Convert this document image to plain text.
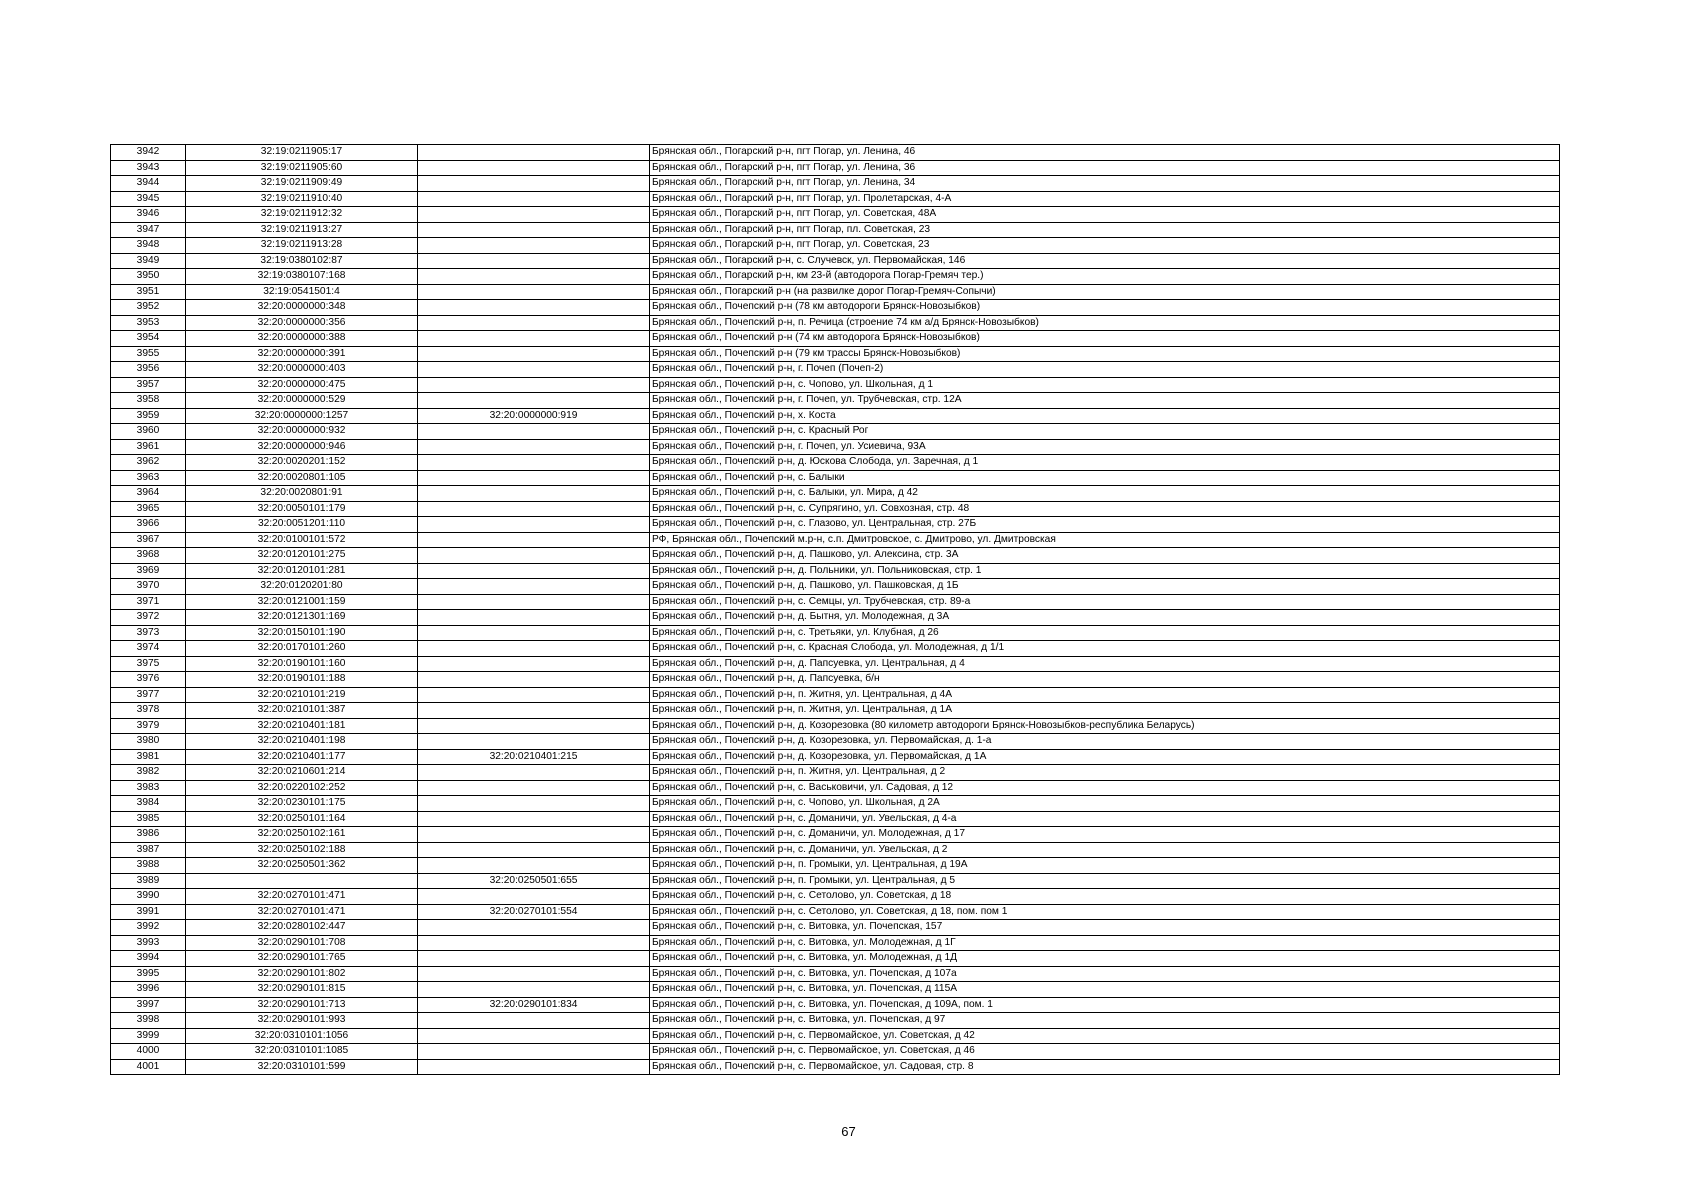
3942	32:19:0211905:17		Брянская обл., Погарский р-н, пгт Погар, ул. Ленина, 46
3943	32:19:0211905:60		Брянская обл., Погарский р-н, пгт Погар, ул. Ленина, 36
3944	32:19:0211909:49		Брянская обл., Погарский р-н, пгт Погар, ул. Ленина, 34
3945	32:19:0211910:40		Брянская обл., Погарский р-н, пгт Погар, ул. Пролетарская, 4-А
3946	32:19:0211912:32		Брянская обл., Погарский р-н, пгт Погар, ул. Советская, 48А
3947	32:19:0211913:27		Брянская обл., Погарский р-н, пгт Погар, пл. Советская, 23
3948	32:19:0211913:28		Брянская обл., Погарский р-н, пгт Погар, ул. Советская, 23
3949	32:19:0380102:87		Брянская обл., Погарский р-н, с. Случевск, ул. Первомайская, 146
3950	32:19:0380107:168		Брянская обл., Погарский р-н, км 23-й (автодорога Погар-Гремяч тер.)
3951	32:19:0541501:4		Брянская обл., Погарский р-н (на развилке дорог Погар-Гремяч-Сопычи)
3952	32:20:0000000:348		Брянская обл., Почепский р-н (78 км автодороги Брянск-Новозыбков)
3953	32:20:0000000:356		Брянская обл., Почепский р-н, п. Речица (строение 74 км а/д Брянск-Новозыбков)
3954	32:20:0000000:388		Брянская обл., Почепский р-н (74 км автодорога Брянск-Новозыбков)
3955	32:20:0000000:391		Брянская обл., Почепский р-н (79 км трассы Брянск-Новозыбков)
3956	32:20:0000000:403		Брянская обл., Почепский р-н, г. Почеп (Почеп-2)
3957	32:20:0000000:475		Брянская обл., Почепский р-н, с. Чопово, ул. Школьная, д 1
3958	32:20:0000000:529		Брянская обл., Почепский р-н, г. Почеп, ул. Трубчевская, стр. 12А
3959	32:20:0000000:1257	32:20:0000000:919	Брянская обл., Почепский р-н, х. Коста
3960	32:20:0000000:932		Брянская обл., Почепский р-н, с. Красный Рог
3961	32:20:0000000:946		Брянская обл., Почепский р-н, г. Почеп, ул. Усиевича, 93А
3962	32:20:0020201:152		Брянская обл., Почепский р-н, д. Юскова Слобода, ул. Заречная, д 1
3963	32:20:0020801:105		Брянская обл., Почепский р-н, с. Балыки
3964	32:20:0020801:91		Брянская обл., Почепский р-н, с. Балыки, ул. Мира, д 42
3965	32:20:0050101:179		Брянская обл., Почепский р-н, с. Супрягино, ул. Совхозная, стр. 48
3966	32:20:0051201:110		Брянская обл., Почепский р-н, с. Глазово, ул. Центральная, стр. 27Б
3967	32:20:0100101:572		РФ, Брянская обл., Почепский м.р-н, с.п. Дмитровское, с. Дмитрово, ул. Дмитровская
3968	32:20:0120101:275		Брянская обл., Почепский р-н, д. Пашково, ул. Алексина, стр. 3А
3969	32:20:0120101:281		Брянская обл., Почепский р-н, д. Польники, ул. Польниковская, стр. 1
3970	32:20:0120201:80		Брянская обл., Почепский р-н, д. Пашково, ул. Пашковская, д 1Б
3971	32:20:0121001:159		Брянская обл., Почепский р-н, с. Семцы, ул. Трубчевская, стр. 89-а
3972	32:20:0121301:169		Брянская обл., Почепский р-н, д. Бытня, ул. Молодежная, д 3А
3973	32:20:0150101:190		Брянская обл., Почепский р-н, с. Третьяки, ул. Клубная, д 26
3974	32:20:0170101:260		Брянская обл., Почепский р-н, с. Красная Слобода, ул. Молодежная, д 1/1
3975	32:20:0190101:160		Брянская обл., Почепский р-н, д. Папсуевка, ул. Центральная, д 4
3976	32:20:0190101:188		Брянская обл., Почепский р-н, д. Папсуевка, б/н
3977	32:20:0210101:219		Брянская обл., Почепский р-н, п. Житня, ул. Центральная, д 4А
3978	32:20:0210101:387		Брянская обл., Почепский р-н, п. Житня, ул. Центральная, д 1А
3979	32:20:0210401:181		Брянская обл., Почепский р-н, д. Козорезовка (80 километр автодороги Брянск-Новозыбков-республика Беларусь)
3980	32:20:0210401:198		Брянская обл., Почепский р-н, д. Козорезовка, ул. Первомайская, д. 1-а
3981	32:20:0210401:177	32:20:0210401:215	Брянская обл., Почепский р-н, д. Козорезовка, ул. Первомайская, д 1А
3982	32:20:0210601:214		Брянская обл., Почепский р-н, п. Житня, ул. Центральная, д 2
3983	32:20:0220102:252		Брянская обл., Почепский р-н, с. Васьковичи, ул. Садовая, д 12
3984	32:20:0230101:175		Брянская обл., Почепский р-н, с. Чопово, ул. Школьная, д 2А
3985	32:20:0250101:164		Брянская обл., Почепский р-н, с. Доманичи, ул. Увельская, д 4-а
3986	32:20:0250102:161		Брянская обл., Почепский р-н, с. Доманичи, ул. Молодежная, д 17
3987	32:20:0250102:188		Брянская обл., Почепский р-н, с. Доманичи, ул. Увельская, д 2
3988	32:20:0250501:362		Брянская обл., Почепский р-н, п. Громыки, ул. Центральная, д 19А
3989		32:20:0250501:655	Брянская обл., Почепский р-н, п. Громыки, ул. Центральная, д 5
3990	32:20:0270101:471		Брянская обл., Почепский р-н, с. Сетолово, ул. Советская, д 18
3991	32:20:0270101:471	32:20:0270101:554	Брянская обл., Почепский р-н, с. Сетолово, ул. Советская, д 18, пом. пом 1
3992	32:20:0280102:447		Брянская обл., Почепский р-н, с. Витовка, ул. Почепская, 157
3993	32:20:0290101:708		Брянская обл., Почепский р-н, с. Витовка, ул. Молодежная, д 1Г
3994	32:20:0290101:765		Брянская обл., Почепский р-н, с. Витовка, ул. Молодежная, д 1Д
3995	32:20:0290101:802		Брянская обл., Почепский р-н, с. Витовка, ул. Почепская, д 107а
3996	32:20:0290101:815		Брянская обл., Почепский р-н, с. Витовка, ул. Почепская, д 115А
3997	32:20:0290101:713	32:20:0290101:834	Брянская обл., Почепский р-н, с. Витовка, ул. Почепская, д 109А, пом. 1
3998	32:20:0290101:993		Брянская обл., Почепский р-н, с. Витовка, ул. Почепская, д 97
3999	32:20:0310101:1056		Брянская обл., Почепский р-н, с. Первомайское, ул. Советская, д 42
4000	32:20:0310101:1085		Брянская обл., Почепский р-н, с. Первомайское, ул. Советская, д 46
4001	32:20:0310101:599		Брянская обл., Почепский р-н, с. Первомайское, ул. Садовая, стр. 8
67
